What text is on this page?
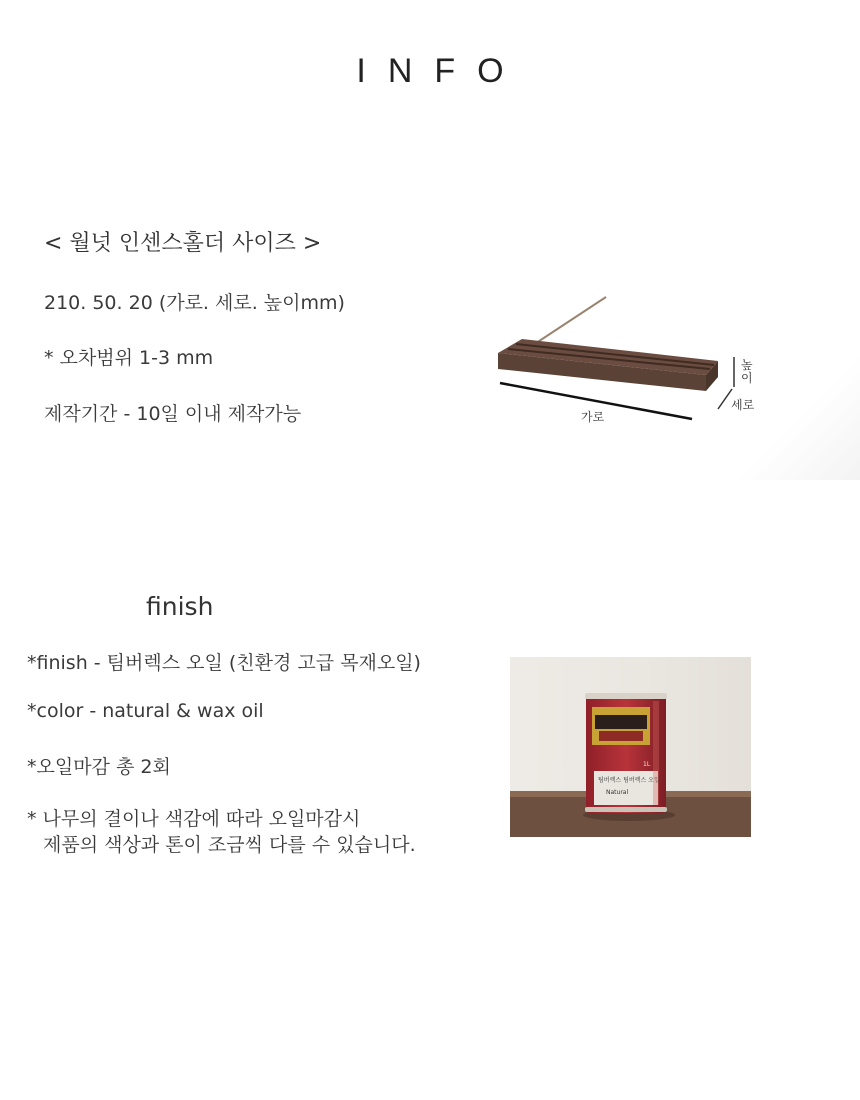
INFO
< 월넛 인센스홀더 사이즈 >
210. 50. 20 (가로. 세로. 높이mm)
* 오차범위 1-3 mm
제작기간 - 10일 이내 제작가능	가로
세로
높
이
finish
*finish - 팀버렉스 오일 (친환경 고급 목재오일)
*color - natural & wax oil
*오일마감 총 2회
* 나무의 결이나 색감에 따라 오일마감시
제품의 색상과 톤이 조금씩 다를 수 있습니다.
팀버렉스 팀버렉스 오일
Natural
1L
